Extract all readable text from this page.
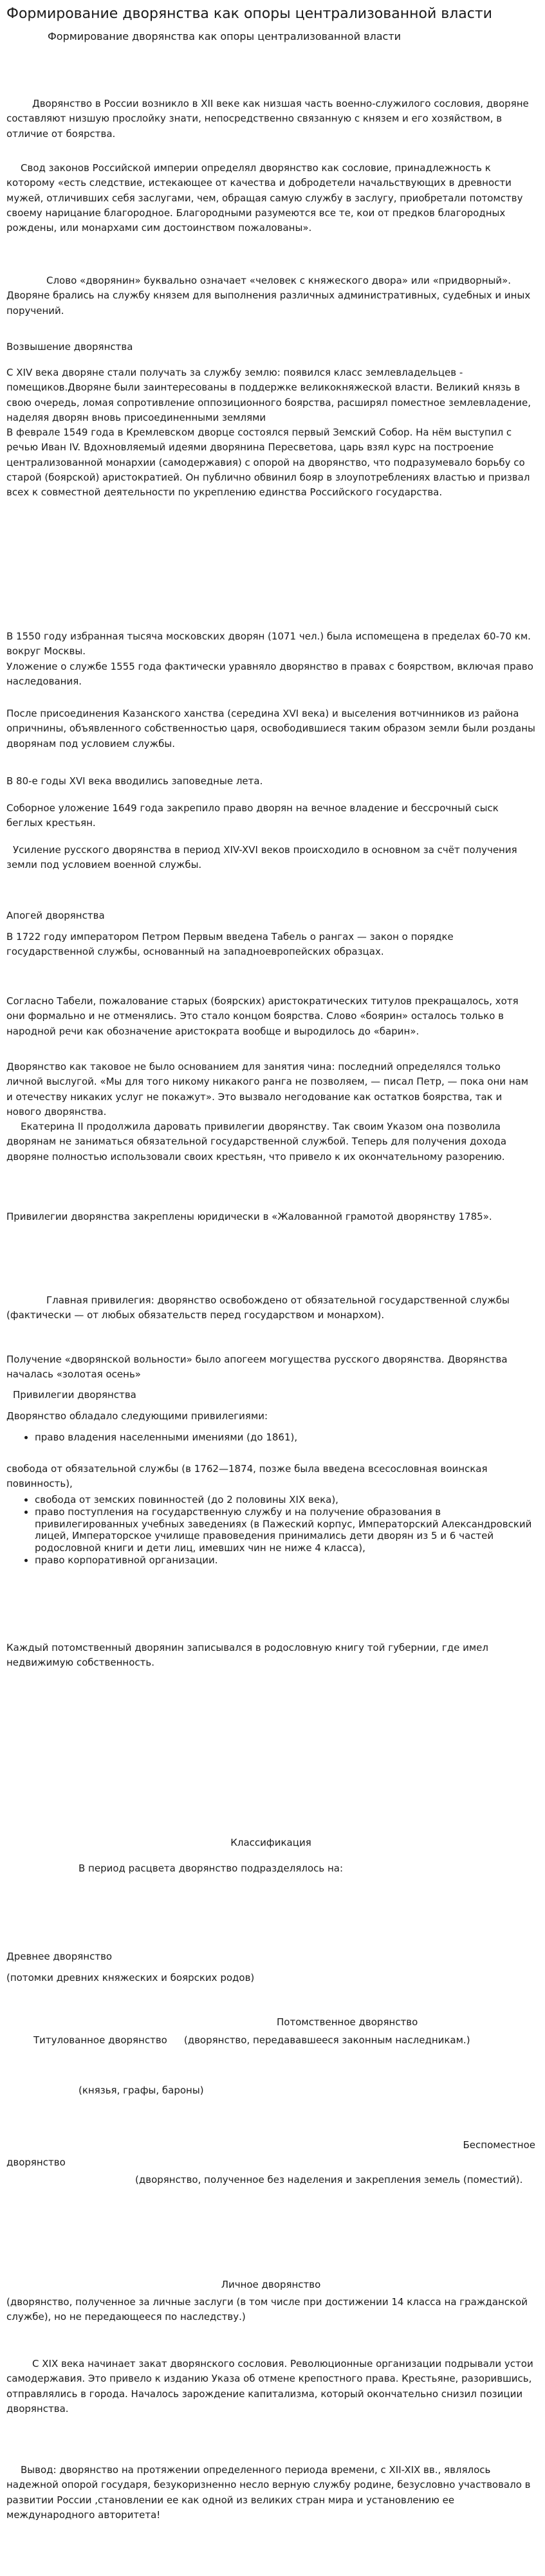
Формирование дворянства как опоры централизованной власти
Формирование дворянства как опоры централизованной власти

Дворянство в России возникло в XII веке как низшая часть военно-служилого сословия, дворяне составляют низшую прослойку знати, непосредственно связанную с князем и его хозяйством, в отличие от боярства.

Свод законов Российской империи определял дворянство как сословие, принадлежность к которому «есть следствие, истекающее от качества и добродетели начальствующих в древности мужей, отличивших себя заслугами, чем, обращая самую службу в заслугу, приобретали потомству своему нарицание благородное. Благородными разумеются все те, кои от предков благородных рождены, или монархами сим достоинством пожалованы».

Слово «дворянин» буквально означает «человек с княжеского двора» или «придворный». Дворяне брались на службу князем для выполнения различных административных, судебных и иных поручений.

Возвышение дворянства

С XIV века дворяне стали получать за службу землю: появился класс землевладельцев - помещиков.Дворяне были заинтересованы в поддержке великокняжеской власти. Великий князь в свою очередь, ломая сопротивление оппозиционного боярства, расширял поместное землевладение, наделяя дворян вновь присоединенными землями

В феврале 1549 года в Кремлевском дворце состоялся первый Земский Собор. На нём выступил с речью Иван IV. Вдохновляемый идеями дворянина Пересветова, царь взял курс на построение централизованной монархии (самодержавия) с опорой на дворянство, что подразумевало борьбу со старой (боярской) аристократией. Он публично обвинил бояр в злоупотреблениях властью и призвал всех к совместной деятельности по укреплению единства Российского государства.

В 1550 году избранная тысяча московских дворян (1071 чел.) была испомещена в пределах 60-70 км. вокруг Москвы.

Уложение о службе 1555 года фактически уравняло дворянство в правах с боярством, включая право наследования.

После присоединения Казанского ханства (середина XVI века) и выселения вотчинников из района опричнины, объявленного собственностью царя, освободившиеся таким образом земли были розданы дворянам под условием службы.

В 80-е годы XVI века вводились заповедные лета.

Соборное уложение 1649 года закрепило право дворян на вечное владение и бессрочный сыск беглых крестьян.

Усиление русского дворянства в период XIV-XVI веков происходило в основном за счёт получения земли под условием военной службы.

Апогей дворянства

В 1722 году императором Петром Первым введена Табель о рангах — закон о порядке государственной службы, основанный на западноевропейских образцах.

Согласно Табели, пожалование старых (боярских) аристократических титулов прекращалось, хотя они формально и не отменялись. Это стало концом боярства. Слово «боярин» осталось только в народной речи как обозначение аристократа вообще и выродилось до «барин».

Дворянство как таковое не было основанием для занятия чина: последний определялся только личной выслугой. «Мы для того никому никакого ранга не позволяем, — писал Петр, — пока они нам и отечеству никаких услуг не покажут». Это вызвало негодование как остатков боярства, так и нового дворянства.

Екатерина II продолжила даровать привилегии дворянству. Так своим Указом она позволила дворянам не заниматься обязательной государственной службой. Теперь для получения дохода дворяне полностью использовали своих крестьян, что привело к их окончательному разорению.

Привилегии дворянства закреплены юридически в «Жалованной грамотой дворянству 1785».

Главная привилегия: дворянство освобождено от обязательной государственной службы (фактически — от любых обязательств перед государством и монархом).

Получение «дворянской вольности» было апогеем могущества русского дворянства. Дворянства началась «золотая осень»

Привилегии дворянства

Дворянство обладало следующими привилегиями:

• право владения населенными имениями (до 1861),

свобода от обязательной службы (в 1762—1874, позже была введена всесословная воинская повинность),

• свобода от земских повинностей (до 2 половины XIX века),
• право поступления на государственную службу и на получение образования в привилегированных учебных заведениях (в Пажеский корпус, Императорский Александровский лицей, Императорское училище правоведения принимались дети дворян из 5 и 6 частей родословной книги и дети лиц, имевших чин не ниже 4 класса),
• право корпоративной организации.

Каждый потомственный дворянин записывался в родословную книгу той губернии, где имел недвижимую собственность.

Классификация
В период расцвета дворянство подразделялось на:
Древнее дворянство
(потомки древних княжеских и боярских родов)
Потомственное дворянство

Титулованное дворянство (дворянство, передававшееся законным наследникам.)

(князья, графы, бароны)
Беспоместное
дворянство

(дворянство, полученное без наделения и закрепления земель (поместий).

Личное дворянство
(дворянство, полученное за личные заслуги (в том числе при достижении 14 класса на гражданской службе), но не передающееся по наследству.)

С XIX века начинает закат дворянского сословия. Революционные организации подрывали устои самодержавия. Это привело к изданию Указа об отмене крепостного права. Крестьяне, разорившись, отправлялись в города. Началось зарождение капитализма, который окончательно снизил позиции дворянства.

Вывод: дворянство на протяжении определенного периода времени, с XII-XIX вв., являлось надежной опорой государя, безукоризненно несло верную службу родине, безусловно участвовало в развитии России ,становлении ее как одной из великих стран мира и установлению ее международного авторитета!
